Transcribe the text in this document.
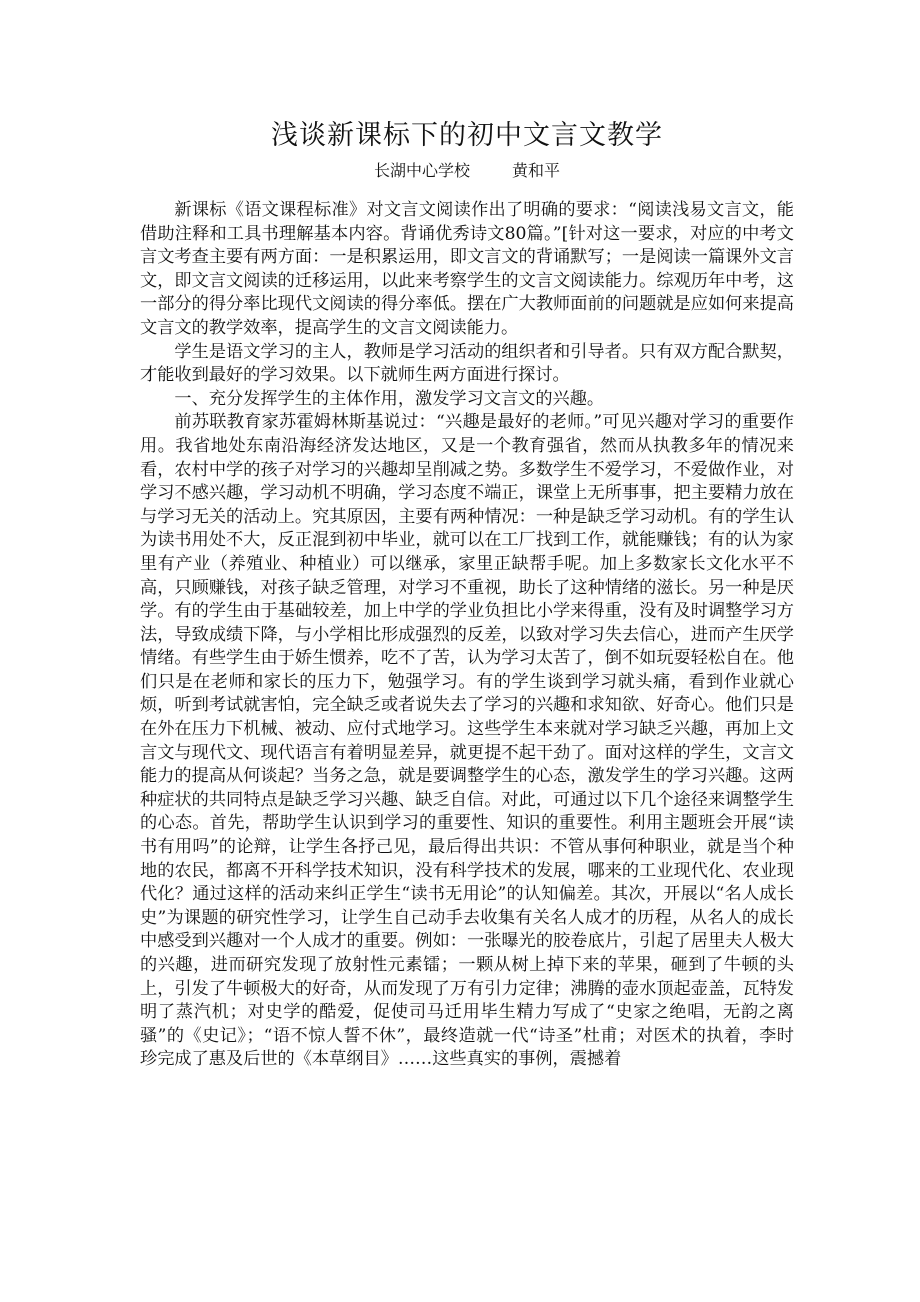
浅谈新课标下的初中文言文教学
长湖中心学校	黄和平

新课标《语文课程标准》对文言文阅读作出了明确的要求：“阅读浅易文言文，能借助注释和工具书理解基本内容。背诵优秀诗文80篇。”[针对这一要求，对应的中考文言文考查主要有两方面：一是积累运用，即文言文的背诵默写；一是阅读一篇课外文言文，即文言文阅读的迁移运用，以此来考察学生的文言文阅读能力。综观历年中考，这一部分的得分率比现代文阅读的得分率低。摆在广大教师面前的问题就是应如何来提高文言文的教学效率，提高学生的文言文阅读能力。

学生是语文学习的主人，教师是学习活动的组织者和引导者。只有双方配合默契，才能收到最好的学习效果。以下就师生两方面进行探讨。

一、充分发挥学生的主体作用，激发学习文言文的兴趣。

前苏联教育家苏霍姆林斯基说过：“兴趣是最好的老师。”可见兴趣对学习的重要作用。我省地处东南沿海经济发达地区，又是一个教育强省，然而从执教多年的情况来看，农村中学的孩子对学习的兴趣却呈削减之势。多数学生不爱学习，不爱做作业，对学习不感兴趣，学习动机不明确，学习态度不端正，课堂上无所事事，把主要精力放在与学习无关的活动上。究其原因，主要有两种情况：一种是缺乏学习动机。有的学生认为读书用处不大，反正混到初中毕业，就可以在工厂找到工作，就能赚钱；有的认为家里有产业（养殖业、种植业）可以继承，家里正缺帮手呢。加上多数家长文化水平不高，只顾赚钱，对孩子缺乏管理，对学习不重视，助长了这种情绪的滋长。另一种是厌学。有的学生由于基础较差，加上中学的学业负担比小学来得重，没有及时调整学习方法，导致成绩下降，与小学相比形成强烈的反差，以致对学习失去信心，进而产生厌学情绪。有些学生由于娇生惯养，吃不了苦，认为学习太苦了，倒不如玩耍轻松自在。他们只是在老师和家长的压力下，勉强学习。有的学生谈到学习就头痛，看到作业就心烦，听到考试就害怕，完全缺乏或者说失去了学习的兴趣和求知欲、好奇心。他们只是在外在压力下机械、被动、应付式地学习。这些学生本来就对学习缺乏兴趣，再加上文言文与现代文、现代语言有着明显差异，就更提不起干劲了。面对这样的学生，文言文能力的提高从何谈起？当务之急，就是要调整学生的心态，激发学生的学习兴趣。这两种症状的共同特点是缺乏学习兴趣、缺乏自信。对此，可通过以下几个途径来调整学生的心态。首先，帮助学生认识到学习的重要性、知识的重要性。利用主题班会开展“读书有用吗”的论辩，让学生各抒己见，最后得出共识：不管从事何种职业，就是当个种地的农民，都离不开科学技术知识，没有科学技术的发展，哪来的工业现代化、农业现代化？通过这样的活动来纠正学生“读书无用论”的认知偏差。其次，开展以“名人成长史”为课题的研究性学习，让学生自己动手去收集有关名人成才的历程，从名人的成长中感受到兴趣对一个人成才的重要。例如：一张曝光的胶卷底片，引起了居里夫人极大的兴趣，进而研究发现了放射性元素镭；一颗从树上掉下来的苹果，砸到了牛顿的头上，引发了牛顿极大的好奇，从而发现了万有引力定律；沸腾的壶水顶起壶盖，瓦特发明了蒸汽机；对史学的酷爱，促使司马迁用毕生精力写成了“史家之绝唱，无韵之离骚”的《史记》；“语不惊人誓不休”，最终造就一代“诗圣”杜甫；对医术的执着，李时珍完成了惠及后世的《本草纲目》……这些真实的事例，震撼着
